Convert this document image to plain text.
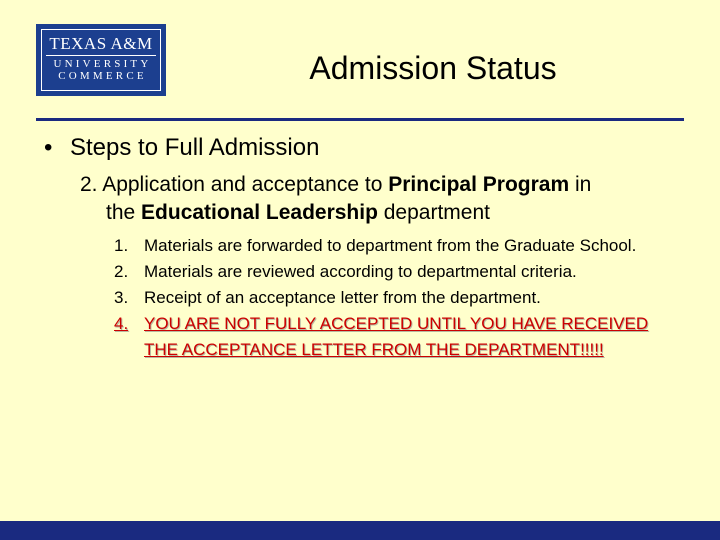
TEXAS A&M
UNIVERSITY
COMMERCE	Admission Status
• Steps to Full Admission
2. Application and acceptance to Principal Program in
the Educational Leadership department
1. Materials are forwarded to department from the Graduate School.
2. Materials are reviewed according to departmental criteria.
3. Receipt of an acceptance letter from the department.
4. YOU ARE NOT FULLY ACCEPTED UNTIL YOU HAVE RECEIVED THE ACCEPTANCE LETTER FROM THE DEPARTMENT!!!!!
